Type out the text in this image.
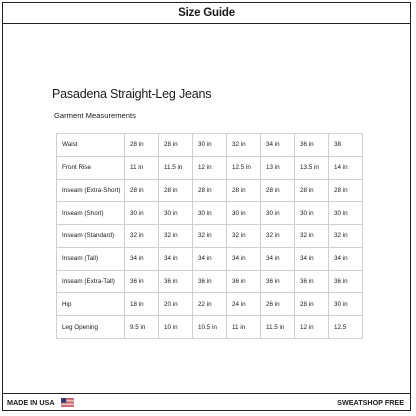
Size Guide
Pasadena Straight-Leg Jeans
Garment Measurements
Waist	28 in	28 in	30 in	32 in	34 in	36 in	38
Front Rise	11 in	11.5 in	12 in	12.5 in	13 in	13.5 in	14 in
Inseam (Extra-Short)	28 in	28 in	28 in	28 in	28 in	28 in	28 in
Inseam (Short)	30 in	30 in	30 in	30 in	30 in	30 in	30 in
Inseam (Standard)	32 in	32 in	32 in	32 in	32 in	32 in	32 in
Inseam (Tall)	34 in	34 in	34 in	34 in	34 in	34 in	34 in
Inseam (Extra-Tall)	36 in	36 in	36 in	36 in	36 in	36 in	36 in
Hip	18 in	20 in	22 in	24 in	26 in	28 in	30 in
Leg Opening	9.5 in	10 in	10.5 in	11 in	11.5 in	12 in	12.5
MADE IN USA	SWEATSHOP FREE
